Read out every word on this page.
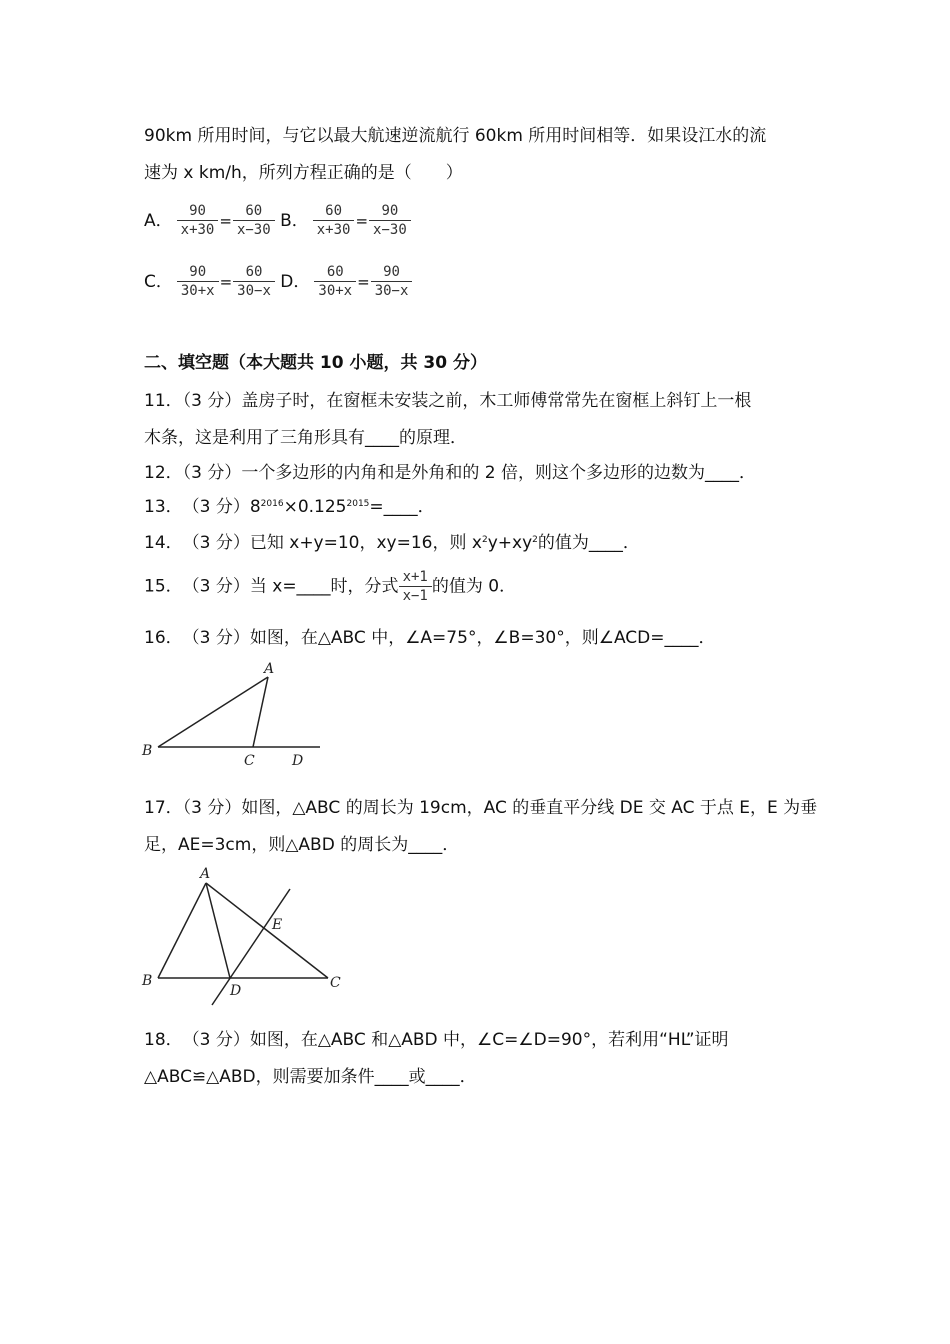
90km 所用时间，与它以最大航速逆流航行 60km 所用时间相等．如果设江水的流
速为 x km/h，所列方程正确的是（　　）
A． $\frac{90}{x+30} = \frac{60}{x-30}$ B． $\frac{60}{x+30} = \frac{90}{x-30}$
C． $\frac{90}{30+x} = \frac{60}{30-x}$ D． $\frac{60}{30+x} = \frac{90}{30-x}$
二、填空题（本大题共 10 小题，共 30 分）
11．（3 分）盖房子时，在窗框未安装之前，木工师傅常常先在窗框上斜钉上一根
木条，这是利用了三角形具有____的原理．
12．（3 分）一个多边形的内角和是外角和的 2 倍，则这个多边形的边数为____．
13．　（3 分）$8^{2016}\times 0.125^{2015}=\_\_\_\_$．
14．　（3 分）已知 x+y=10，xy=16，则 $x^2y+xy^2$的值为____．
15．　（3 分）当 x=____时，分式 $\frac{x+1}{x-1}$ 的值为 0．
16．　（3 分）如图，在△ABC 中，∠A=75°，∠B=30°，则∠ACD=____．
A
B
C	D
17．（3 分）如图，△ABC 的周长为 19cm，AC 的垂直平分线 DE 交 AC 于点 E，E 为垂
足，AE=3cm，则△ABD 的周长为____．
A
B	C
D
E
18．　（3 分）如图，在△ABC 和△ABD 中，∠C=∠D=90°，若利用“HL”证明
△ABC≌△ABD，则需要加条件____或____．
